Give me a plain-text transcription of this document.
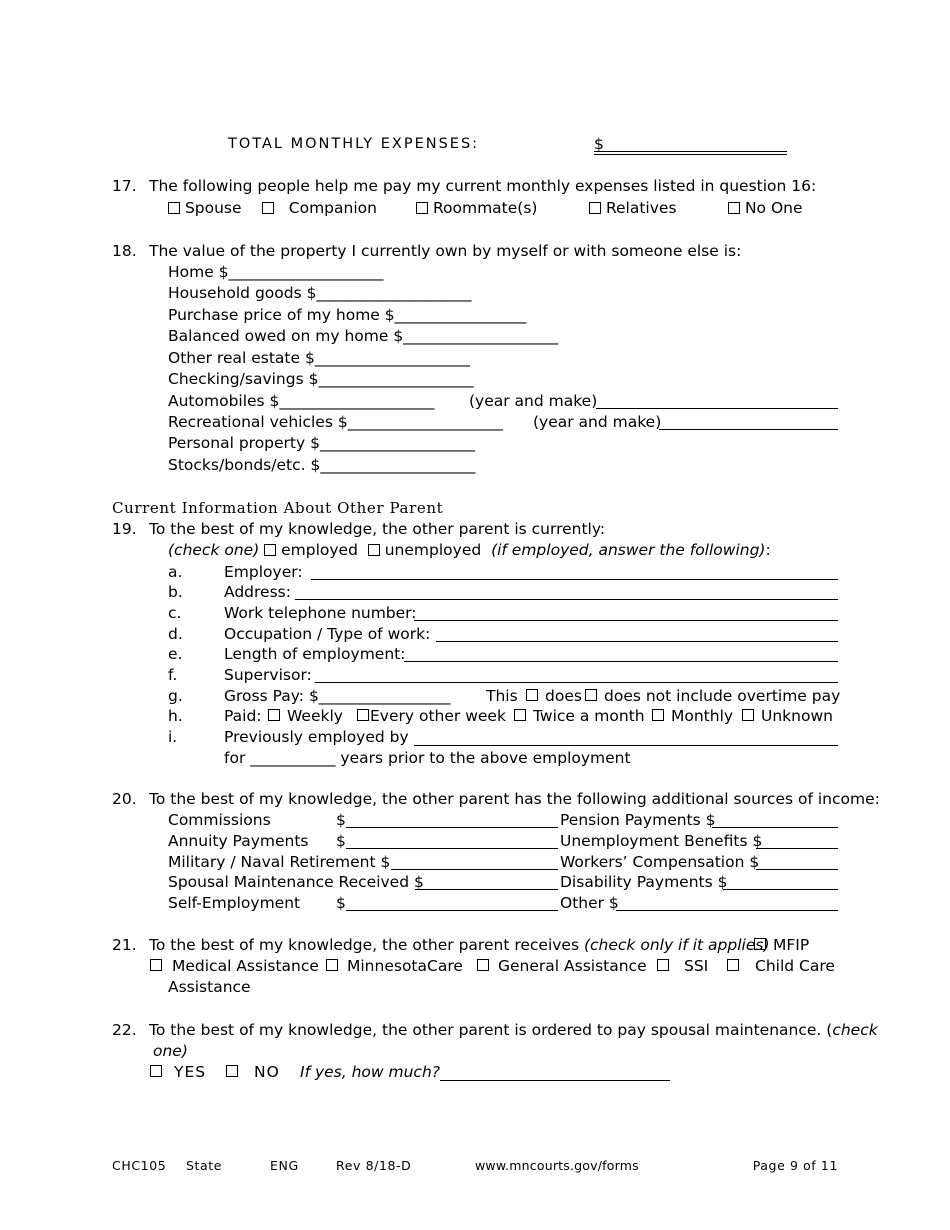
TOTAL MONTHLY EXPENSES:	$
17. The following people help me pay my current monthly expenses listed in question 16:
Spouse	Companion	Roommate(s)	Relatives	No One
18. The value of the property I currently own by myself or with someone else is:
Home $____________________
Household goods $____________________
Purchase price of my home $_________________
Balanced owed on my home $____________________
Other real estate $____________________
Checking/savings $____________________
Automobiles $____________________ (year and make)
Recreational vehicles $____________________ (year and make)
Personal property $____________________
Stocks/bonds/etc. $____________________
Current Information About Other Parent
19. To the best of my knowledge, the other parent is currently:
(check one) employed unemployed (if employed, answer the following):
a.	Employer:
b.	Address:
c.	Work telephone number:
d.	Occupation / Type of work:
e.	Length of employment:
f.	Supervisor:
g.	Gross Pay: $_________________ This does does not include overtime pay
h.	Paid: Weekly Every other week Twice a month Monthly Unknown
i.	Previously employed by
for ___________ years prior to the above employment
20. To the best of my knowledge, the other parent has the following additional sources of income:
Commissions	$	Pension Payments $
Annuity Payments $	Unemployment Benefits $
Military / Naval Retirement $	Workers’ Compensation $
Spousal Maintenance Received $	Disability Payments $
Self-Employment $	Other $
21. To the best of my knowledge, the other parent receives (check only if it applies) MFIP
Medical Assistance MinnesotaCare General Assistance SSI	Child Care
Assistance
22. To the best of my knowledge, the other parent is ordered to pay spousal maintenance. (check
one)
YES	NO If yes, how much?
CHC105 State	ENG	Rev 8/18-D	www.mncourts.gov/forms	Page 9 of 11
